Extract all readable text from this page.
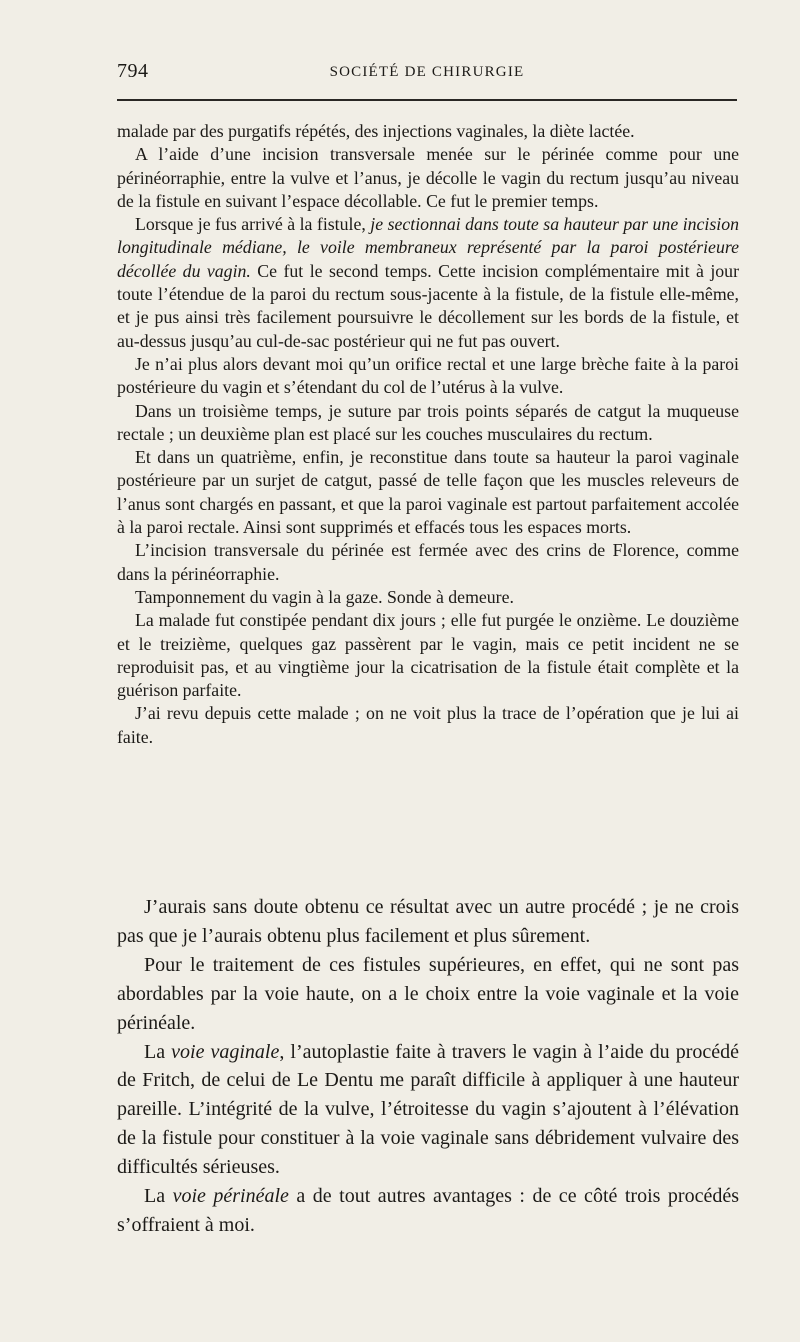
794	SOCIÉTÉ DE CHIRURGIE

malade par des purgatifs répétés, des injections vaginales, la diète lactée.

A l’aide d’une incision transversale menée sur le périnée comme pour une périnéorraphie, entre la vulve et l’anus, je décolle le vagin du rectum jusqu’au niveau de la fistule en suivant l’espace décollable. Ce fut le premier temps.

Lorsque je fus arrivé à la fistule, je sectionnai dans toute sa hauteur par une incision longitudinale médiane, le voile membraneux représenté par la paroi postérieure décollée du vagin. Ce fut le second temps. Cette incision complémentaire mit à jour toute l’étendue de la paroi du rectum sous-jacente à la fistule, de la fistule elle-même, et je pus ainsi très facilement poursuivre le décollement sur les bords de la fistule, et au-dessus jusqu’au cul-de-sac postérieur qui ne fut pas ouvert.

Je n’ai plus alors devant moi qu’un orifice rectal et une large brèche faite à la paroi postérieure du vagin et s’étendant du col de l’utérus à la vulve.

Dans un troisième temps, je suture par trois points séparés de catgut la muqueuse rectale ; un deuxième plan est placé sur les couches musculaires du rectum.

Et dans un quatrième, enfin, je reconstitue dans toute sa hauteur la paroi vaginale postérieure par un surjet de catgut, passé de telle façon que les muscles releveurs de l’anus sont chargés en passant, et que la paroi vaginale est partout parfaitement accolée à la paroi rectale. Ainsi sont supprimés et effacés tous les espaces morts.

L’incision transversale du périnée est fermée avec des crins de Florence, comme dans la périnéorraphie.

Tamponnement du vagin à la gaze. Sonde à demeure.

La malade fut constipée pendant dix jours ; elle fut purgée le onzième. Le douzième et le treizième, quelques gaz passèrent par le vagin, mais ce petit incident ne se reproduisit pas, et au vingtième jour la cicatrisation de la fistule était complète et la guérison parfaite.

J’ai revu depuis cette malade ; on ne voit plus la trace de l’opération que je lui ai faite.

J’aurais sans doute obtenu ce résultat avec un autre procédé ; je ne crois pas que je l’aurais obtenu plus facilement et plus sûrement.

Pour le traitement de ces fistules supérieures, en effet, qui ne sont pas abordables par la voie haute, on a le choix entre la voie vaginale et la voie périnéale.

La voie vaginale, l’autoplastie faite à travers le vagin à l’aide du procédé de Fritch, de celui de Le Dentu me paraît difficile à appliquer à une hauteur pareille. L’intégrité de la vulve, l’étroitesse du vagin s’ajoutent à l’élévation de la fistule pour constituer à la voie vaginale sans débridement vulvaire des difficultés sérieuses.

La voie périnéale a de tout autres avantages : de ce côté trois procédés s’offraient à moi.
